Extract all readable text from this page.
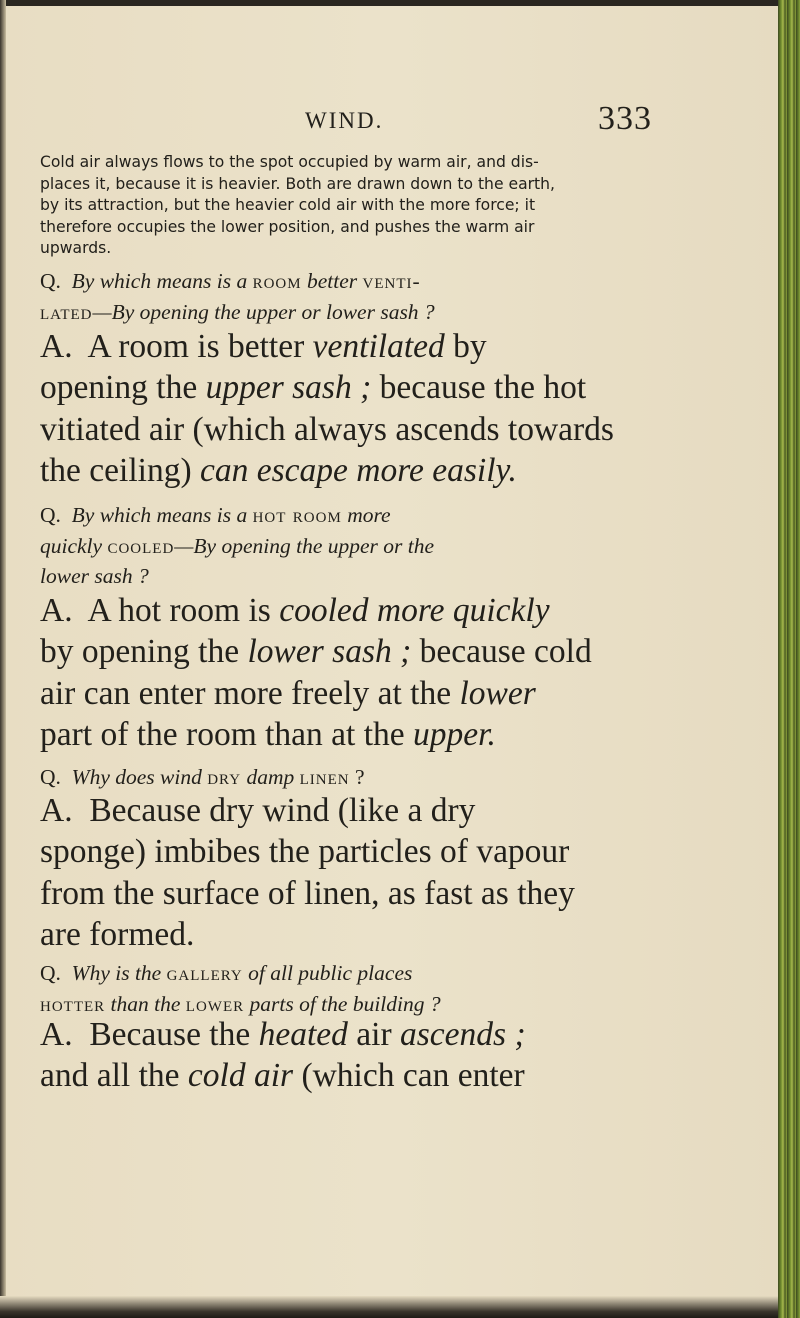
WIND.	333
Cold air always flows to the spot occupied by warm air, and dis-
places it, because it is heavier. Both are drawn down to the earth,
by its attraction, but the heavier cold air with the more force; it
therefore occupies the lower position, and pushes the warm air
upwards.
Q. By which means is a room better venti-
lated—By opening the upper or lower sash ?
A. A room is better ventilated by
opening the upper sash ; because the hot
vitiated air (which always ascends towards
the ceiling) can escape more easily.
Q. By which means is a hot room more
quickly cooled—By opening the upper or the
lower sash ?
A. A hot room is cooled more quickly
by opening the lower sash ; because cold
air can enter more freely at the lower
part of the room than at the upper.
Q. Why does wind dry damp linen ?
A. Because dry wind (like a dry
sponge) imbibes the particles of vapour
from the surface of linen, as fast as they
are formed.
Q. Why is the gallery of all public places
hotter than the lower parts of the building ?
A. Because the heated air ascends ;
and all the cold air (which can enter
